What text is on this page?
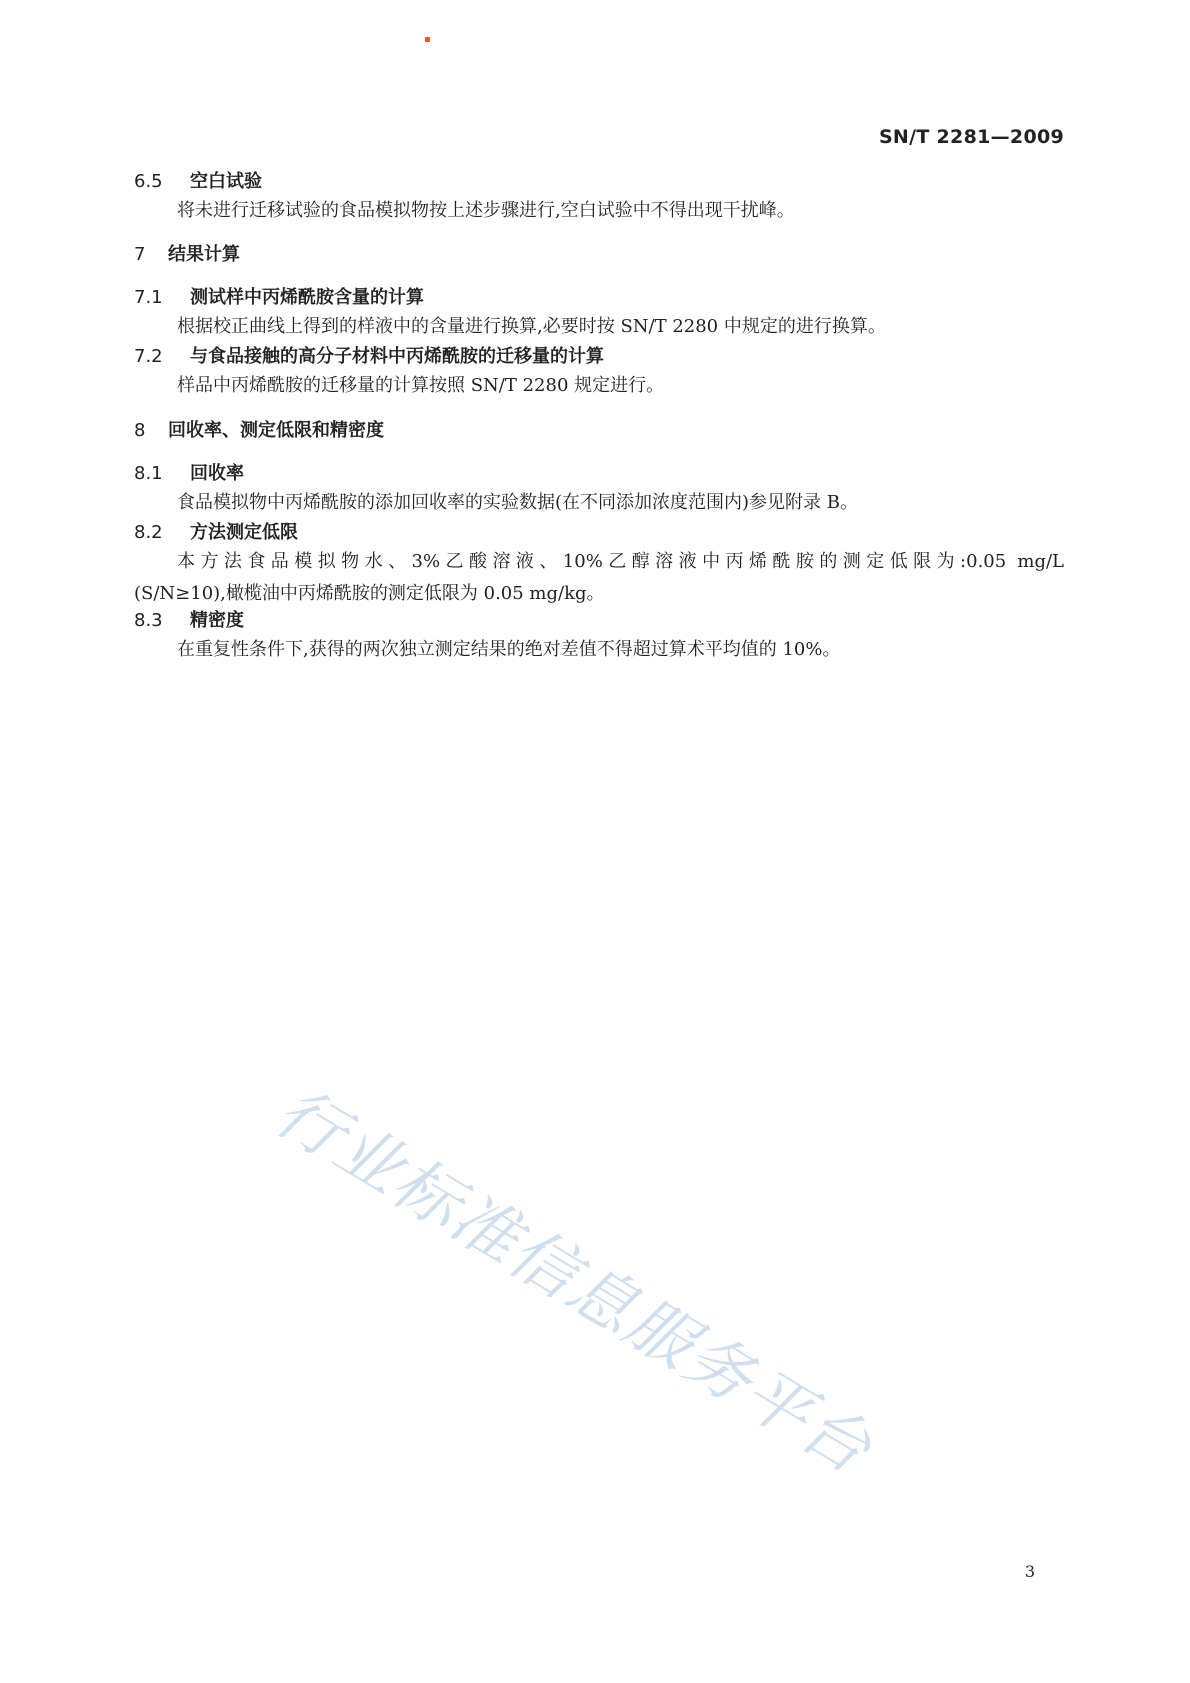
SN/T 2281—2009
6.5 空白试验
将未进行迁移试验的食品模拟物按上述步骤进行,空白试验中不得出现干扰峰。
7 结果计算
7.1 测试样中丙烯酰胺含量的计算
根据校正曲线上得到的样液中的含量进行换算,必要时按 SN/T 2280 中规定的进行换算。
7.2 与食品接触的高分子材料中丙烯酰胺的迁移量的计算
样品中丙烯酰胺的迁移量的计算按照 SN/T 2280 规定进行。
8 回收率、测定低限和精密度
8.1 回收率
食品模拟物中丙烯酰胺的添加回收率的实验数据(在不同添加浓度范围内)参见附录 B。
8.2 方法测定低限
本方法食品模拟物水、3%乙酸溶液、10%乙醇溶液中丙烯酰胺的测定低限为:0.05 mg/L
(S/N≥10),橄榄油中丙烯酰胺的测定低限为 0.05 mg/kg。
8.3 精密度
在重复性条件下,获得的两次独立测定结果的绝对差值不得超过算术平均值的 10%。
行业标准信息服务平台
3
